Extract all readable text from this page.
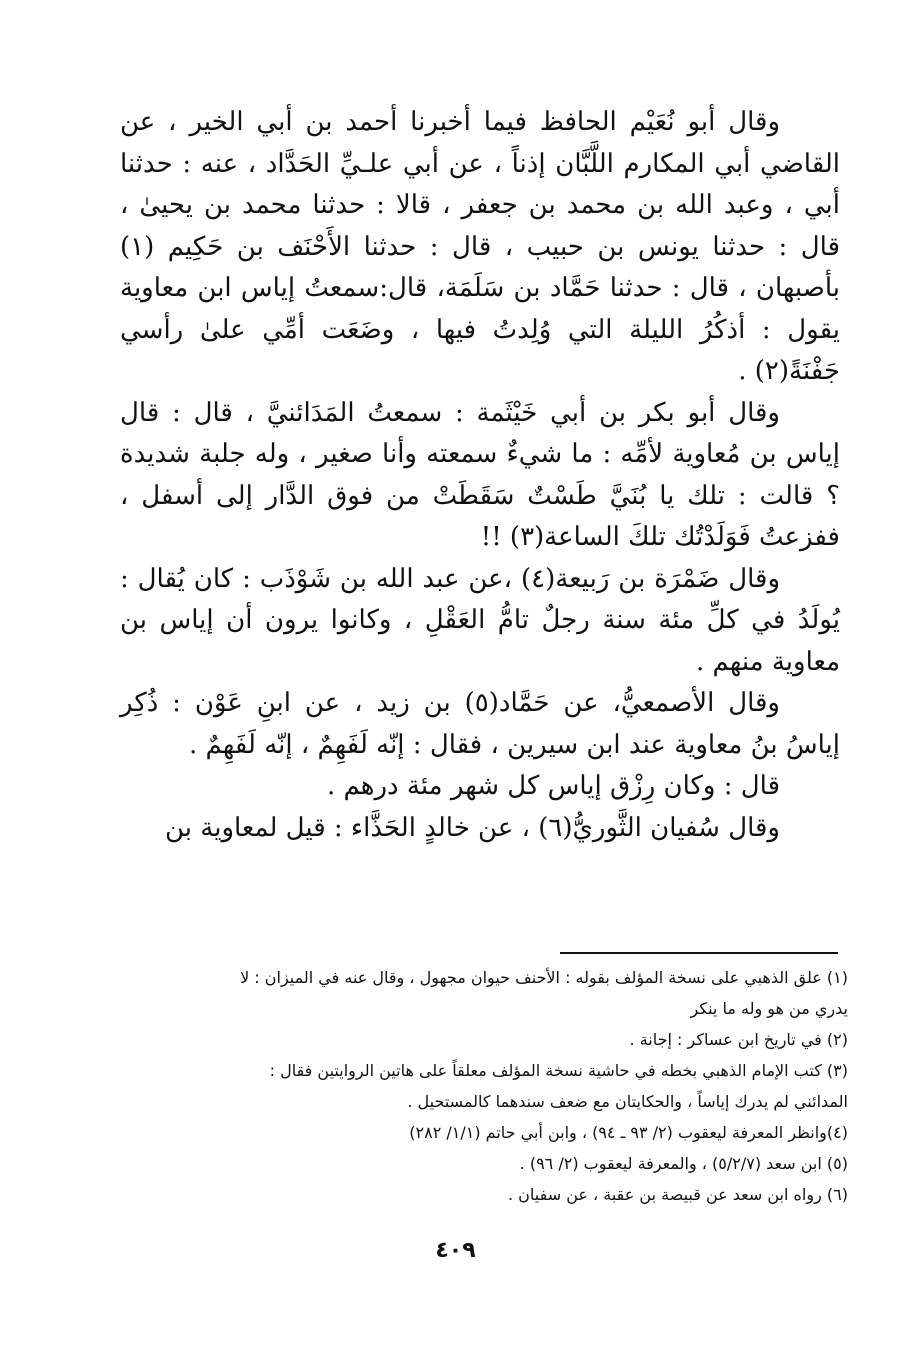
وقال أبو نُعَيْم الحافظ فيما أخبرنا أحمد بن أبي الخير ، عن القاضي أبي المكارم اللَّبَّان إذناً ، عن أبي علـيِّ الحَدَّاد ، عنه : حدثنا أبي ، وعبد الله بن محمد بن جعفر ، قالا : حدثنا محمد بن يحيىٰ ، قال : حدثنا يونس بن حبيب ، قال : حدثنا الأَحْنَف بن حَكِيم (١) بأصبهان ، قال : حدثنا حَمَّاد بن سَلَمَة، قال:سمعتُ إياس ابن معاوية يقول : أذكُرُ الليلة التي وُلِدتُ فيها ، وضَعَت أمِّي علىٰ رأسي جَفْنَةً(٢) .

وقال أبو بكر بن أبي خَيْثَمة : سمعتُ المَدَائنيَّ ، قال : قال إياس بن مُعاوية لأمِّه : ما شيءٌ سمعته وأنا صغير ، وله جلبة شديدة ؟ قالت : تلك يا بُنَيَّ طَسْتٌ سَقَطَتْ من فوق الدَّار إلى أسفل ، ففزعتُ فَوَلَدْتُك تلكَ الساعة(٣) !!

وقال ضَمْرَة بن رَبيعة(٤) ،عن عبد الله بن شَوْذَب : كان يُقال : يُولَدُ في كلِّ مئة سنة رجلٌ تامُّ العَقْلِ ، وكانوا يرون أن إياس بن معاوية منهم .

وقال الأصمعيُّ، عن حَمَّاد(٥) بن زيد ، عن ابنِ عَوْن : ذُكِر إياسُ بنُ معاوية عند ابن سيرين ، فقال : إنّه لَفَهِمٌ ، إنّه لَفَهِمٌ .

قال : وكان رِزْق إياس كل شهر مئة درهم .

وقال سُفيان الثَّوريُّ(٦) ، عن خالدٍ الحَذَّاء : قيل لمعاوية بن

(١) علق الذهبي على نسخة المؤلف بقوله : الأحنف حيوان مجهول ، وقال عنه في الميزان : لا
يدري من هو وله ما ينكر
(٢) في تاريخ ابن عساكر : إجانة .
(٣) كتب الإمام الذهبي بخطه في حاشية نسخة المؤلف معلقاً على هاتين الروايتين فقال :
المدائني لم يدرك إياساً ، والحكايتان مع ضعف سندهما كالمستحيل .
(٤)وانظر المعرفة ليعقوب (٢/ ٩٣ ـ ٩٤) ، وابن أبي حاتم (١/١/ ٢٨٢)
(٥) ابن سعد (٥/٢/٧) ، والمعرفة ليعقوب (٢/ ٩٦) .
(٦) رواه ابن سعد عن قبيصة بن عقبة ، عن سفيان .
٤٠٩
